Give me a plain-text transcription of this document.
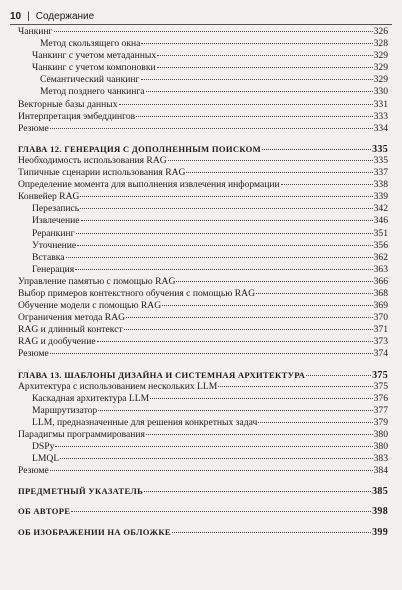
10 | Содержание
Чанкинг	326
Метод скользящего окна	328
Чанкинг с учетом метаданных	329
Чанкинг с учетом компоновки	329
Семантический чанкинг	329
Метод позднего чанкинга	330
Векторные базы данных	331
Интерпретация эмбеддингов	333
Резюме	334
ГЛАВА 12. ГЕНЕРАЦИЯ С ДОПОЛНЕННЫМ ПОИСКОМ	335
Необходимость использования RAG	335
Типичные сценарии использования RAG	337
Определение момента для выполнения извлечения информации	338
Конвейер RAG	339
Перезапись	342
Извлечение	346
Реранкинг	351
Уточнение	356
Вставка	362
Генерация	363
Управление памятью с помощью RAG	366
Выбор примеров контекстного обучения с помощью RAG	368
Обучение модели с помощью RAG	369
Ограничения метода RAG	370
RAG и длинный контекст	371
RAG и дообучение	373
Резюме	374
ГЛАВА 13. ШАБЛОНЫ ДИЗАЙНА И СИСТЕМНАЯ АРХИТЕКТУРА	375
Архитектура с использованием нескольких LLM	375
Каскадная архитектура LLM	376
Маршрутизатор	377
LLM, предназначенные для решения конкретных задач	379
Парадигмы программирования	380
DSPy	380
LMQL	383
Резюме	384
ПРЕДМЕТНЫЙ УКАЗАТЕЛЬ	385
ОБ АВТОРЕ	398
ОБ ИЗОБРАЖЕНИИ НА ОБЛОЖКЕ	399
